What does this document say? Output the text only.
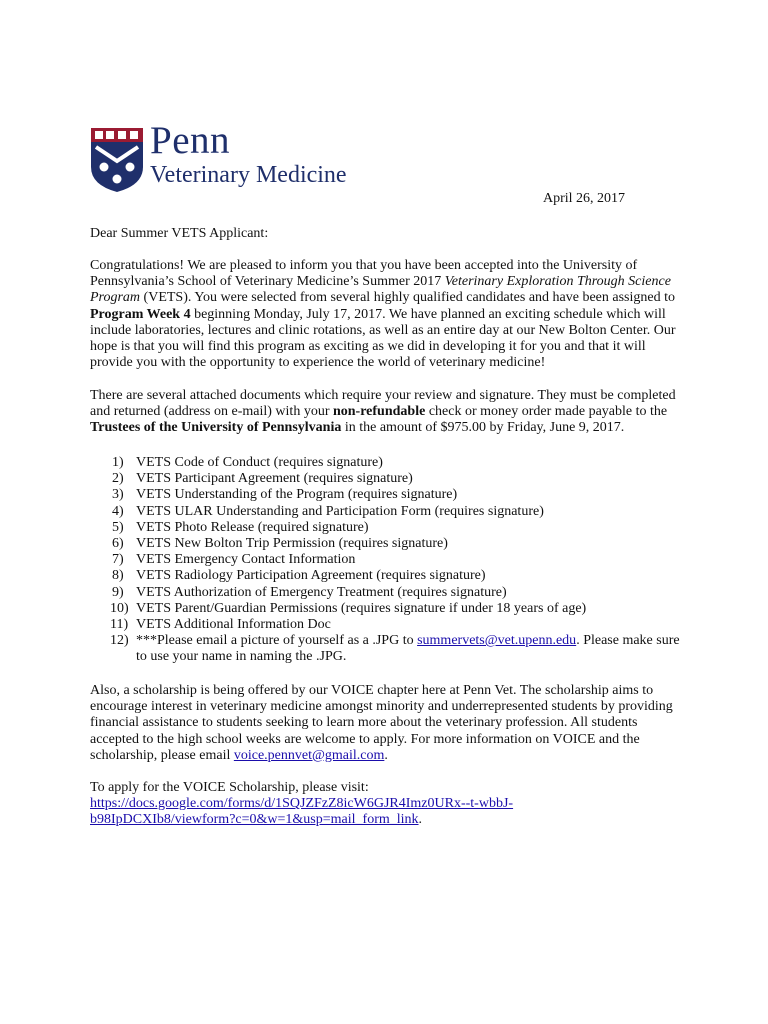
Penn
Veterinary Medicine
April 26, 2017
Dear Summer VETS Applicant:
Congratulations! We are pleased to inform you that you have been accepted into the University of
Pennsylvania’s School of Veterinary Medicine’s Summer 2017 Veterinary Exploration Through Science
Program (VETS). You were selected from several highly qualified candidates and have been assigned to
Program Week 4 beginning Monday, July 17, 2017. We have planned an exciting schedule which will
include laboratories, lectures and clinic rotations, as well as an entire day at our New Bolton Center. Our
hope is that you will find this program as exciting as we did in developing it for you and that it will
provide you with the opportunity to experience the world of veterinary medicine!
There are several attached documents which require your review and signature. They must be completed
and returned (address on e-mail) with your non-refundable check or money order made payable to the
Trustees of the University of Pennsylvania in the amount of $975.00 by Friday, June 9, 2017.
1) VETS Code of Conduct (requires signature)
2) VETS Participant Agreement (requires signature)
3) VETS Understanding of the Program (requires signature)
4) VETS ULAR Understanding and Participation Form (requires signature)
5) VETS Photo Release (required signature)
6) VETS New Bolton Trip Permission (requires signature)
7) VETS Emergency Contact Information
8) VETS Radiology Participation Agreement (requires signature)
9) VETS Authorization of Emergency Treatment (requires signature)
10) VETS Parent/Guardian Permissions (requires signature if under 18 years of age)
11) VETS Additional Information Doc
12) ***Please email a picture of yourself as a .JPG to summervets@vet.upenn.edu. Please make sure
to use your name in naming the .JPG.
Also, a scholarship is being offered by our VOICE chapter here at Penn Vet. The scholarship aims to
encourage interest in veterinary medicine amongst minority and underrepresented students by providing
financial assistance to students seeking to learn more about the veterinary profession. All students
accepted to the high school weeks are welcome to apply. For more information on VOICE and the
scholarship, please email voice.pennvet@gmail.com.
To apply for the VOICE Scholarship, please visit:
https://docs.google.com/forms/d/1SQJZFzZ8icW6GJR4Imz0URx--t-wbbJ-
b98IpDCXIb8/viewform?c=0&w=1&usp=mail_form_link.
